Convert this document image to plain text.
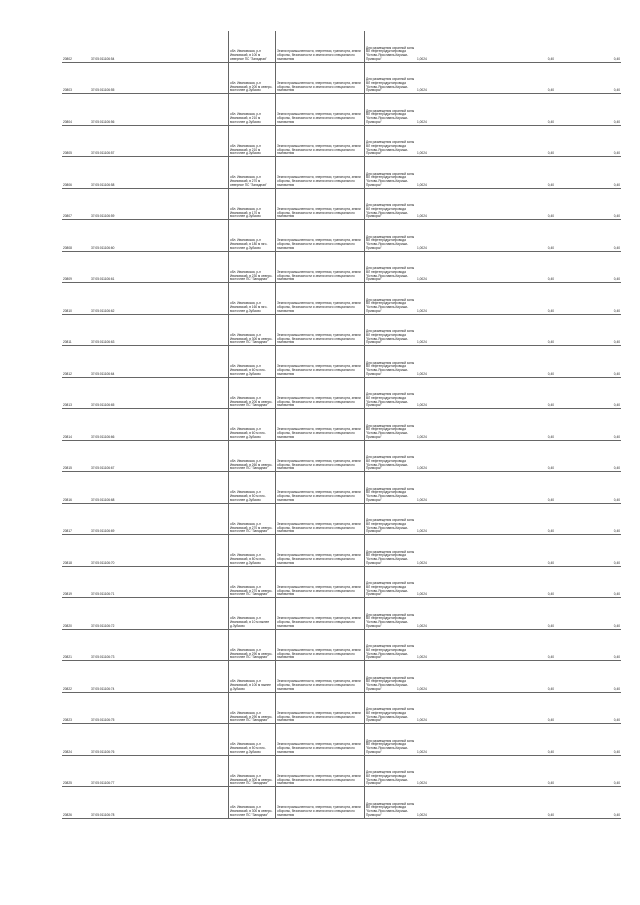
20802	37:05:011106:54	обл. Ивановская, р-н Ивановский, в 100 м северное ПС "Западная"	Земли промышленности, энергетики, транспорта, земли обороны, безопасности и земли иного специального назначения	Для размещения охранной зоны ВЛ нефтепродуктопровода "Кстово-Ярославль-Кириши-Приморск"	1,0024	0,40	0,40
20803	37:05:011106:55	обл. Ивановская, р-н Ивановский, в 200 м северо-восточнее д.Зубково	Земли промышленности, энергетики, транспорта, земли обороны, безопасности и земли иного специального назначения	Для размещения охранной зоны ВЛ нефтепродуктопровода "Кстово-Ярославль-Кириши-Приморск"	1,0024	0,40	0,40
20804	37:05:011106:56	обл. Ивановская, р-н Ивановский, в 210 м восточнее д.Зубково	Земли промышленности, энергетики, транспорта, земли обороны, безопасности и земли иного специального назначения	Для размещения охранной зоны ВЛ нефтепродуктопровода "Кстово-Ярославль-Кириши-Приморск"	1,0024	0,40	0,40
20805	37:05:011106:57	обл. Ивановская, р-н Ивановский, в 210 м восточнее д.Зубково	Земли промышленности, энергетики, транспорта, земли обороны, безопасности и земли иного специального назначения	Для размещения охранной зоны ВЛ нефтепродуктопровода "Кстово-Ярославль-Кириши-Приморск"	1,0024	0,40	0,40
20806	37:05:011106:58	обл. Ивановская, р-н Ивановский, в 270 м северное ПС "Западная"	Земли промышленности, энергетики, транспорта, земли обороны, безопасности и земли иного специального назначения	Для размещения охранной зоны ВЛ нефтепродуктопровода "Кстово-Ярославль-Кириши-Приморск"	1,0024	0,40	0,40
20807	37:05:011106:59	обл. Ивановская, р-н Ивановский, в 170 м восточнее д.Зубково	Земли промышленности, энергетики, транспорта, земли обороны, безопасности и земли иного специального назначения	Для размещения охранной зоны ВЛ нефтепродуктопровода "Кстово-Ярославль-Кириши-Приморск"	1,0024	0,40	0,40
20808	37:05:011106:60	обл. Ивановская, р-н Ивановский, в 180 м юго-восточнее д.Зубково	Земли промышленности, энергетики, транспорта, земли обороны, безопасности и земли иного специального назначения	Для размещения охранной зоны ВЛ нефтепродуктопровода "Кстово-Ярославль-Кириши-Приморск"	1,0024	0,40	0,40
20809	37:05:011106:61	обл. Ивановская, р-н Ивановский, в 230 м северо-восточнее ПС "Западная"	Земли промышленности, энергетики, транспорта, земли обороны, безопасности и земли иного специального назначения	Для размещения охранной зоны ВЛ нефтепродуктопровода "Кстово-Ярославль-Кириши-Приморск"	1,0024	0,40	0,40
20810	37:05:011106:62	обл. Ивановская, р-н Ивановский, в 160 м юго-восточнее д.Зубково	Земли промышленности, энергетики, транспорта, земли обороны, безопасности и земли иного специального назначения	Для размещения охранной зоны ВЛ нефтепродуктопровода "Кстово-Ярославль-Кириши-Приморск"	1,0024	0,40	0,40
20811	37:05:011106:63	обл. Ивановская, р-н Ивановский, в 300 м северо-восточнее ПС "Западная"	Земли промышленности, энергетики, транспорта, земли обороны, безопасности и земли иного специального назначения	Для размещения охранной зоны ВЛ нефтепродуктопровода "Кстово-Ярославль-Кириши-Приморск"	1,0024	0,40	0,40
20812	37:05:011106:64	обл. Ивановская, р-н Ивановский, в 60 м юго-восточнее д.Зубково	Земли промышленности, энергетики, транспорта, земли обороны, безопасности и земли иного специального назначения	Для размещения охранной зоны ВЛ нефтепродуктопровода "Кстово-Ярославль-Кириши-Приморск"	1,0024	0,40	0,40
20813	37:05:011106:65	обл. Ивановская, р-н Ивановский, в 200 м северо-восточнее ПС "Западная"	Земли промышленности, энергетики, транспорта, земли обороны, безопасности и земли иного специального назначения	Для размещения охранной зоны ВЛ нефтепродуктопровода "Кстово-Ярославль-Кириши-Приморск"	1,0024	0,40	0,40
20814	37:05:011106:66	обл. Ивановская, р-н Ивановский, в 60 м юго-восточнее д.Зубково	Земли промышленности, энергетики, транспорта, земли обороны, безопасности и земли иного специального назначения	Для размещения охранной зоны ВЛ нефтепродуктопровода "Кстово-Ярославль-Кириши-Приморск"	1,0024	0,40	0,40
20815	37:05:011106:67	обл. Ивановская, р-н Ивановский, в 260 м северо-восточнее ПС "Западная"	Земли промышленности, энергетики, транспорта, земли обороны, безопасности и земли иного специального назначения	Для размещения охранной зоны ВЛ нефтепродуктопровода "Кстово-Ярославль-Кириши-Приморск"	1,0024	0,40	0,40
20816	37:05:011106:68	обл. Ивановская, р-н Ивановский, в 50 м юго-восточнее д.Зубково	Земли промышленности, энергетики, транспорта, земли обороны, безопасности и земли иного специального назначения	Для размещения охранной зоны ВЛ нефтепродуктопровода "Кстово-Ярославль-Кириши-Приморск"	1,0024	0,40	0,40
20817	37:05:011106:69	обл. Ивановская, р-н Ивановский, в 270 м северо-восточнее ПС "Западная"	Земли промышленности, энергетики, транспорта, земли обороны, безопасности и земли иного специального назначения	Для размещения охранной зоны ВЛ нефтепродуктопровода "Кстово-Ярославль-Кириши-Приморск"	1,0024	0,40	0,40
20818	37:05:011106:70	обл. Ивановская, р-н Ивановский, в 80 м юго-восточнее д.Зубково	Земли промышленности, энергетики, транспорта, земли обороны, безопасности и земли иного специального назначения	Для размещения охранной зоны ВЛ нефтепродуктопровода "Кстово-Ярославль-Кириши-Приморск"	1,0024	0,40	0,40
20819	37:05:011106:71	обл. Ивановская, р-н Ивановский, в 270 м северо-восточнее ПС "Западная"	Земли промышленности, энергетики, транспорта, земли обороны, безопасности и земли иного специального назначения	Для размещения охранной зоны ВЛ нефтепродуктопровода "Кстово-Ярославль-Кириши-Приморск"	1,0024	0,40	0,40
20820	37:05:011106:72	обл. Ивановская, р-н Ивановский, в 10 м южнее д.Зубково	Земли промышленности, энергетики, транспорта, земли обороны, безопасности и земли иного специального назначения	Для размещения охранной зоны ВЛ нефтепродуктопровода "Кстово-Ярославль-Кириши-Приморск"	1,0024	0,40	0,40
20821	37:05:011106:73	обл. Ивановская, р-н Ивановский, в 290 м северо-восточнее ПС "Западная"	Земли промышленности, энергетики, транспорта, земли обороны, безопасности и земли иного специального назначения	Для размещения охранной зоны ВЛ нефтепродуктопровода "Кстово-Ярославль-Кириши-Приморск"	1,0024	0,40	0,40
20822	37:05:011106:74	обл. Ивановская, р-н Ивановский, в 100 м южнее д.Зубково	Земли промышленности, энергетики, транспорта, земли обороны, безопасности и земли иного специального назначения	Для размещения охранной зоны ВЛ нефтепродуктопровода "Кстово-Ярославль-Кириши-Приморск"	1,0024	0,40	0,40
20823	37:05:011106:75	обл. Ивановская, р-н Ивановский, в 290 м северо-восточнее ПС "Западная"	Земли промышленности, энергетики, транспорта, земли обороны, безопасности и земли иного специального назначения	Для размещения охранной зоны ВЛ нефтепродуктопровода "Кстово-Ярославль-Кириши-Приморск"	1,0024	0,40	0,40
20824	37:05:011106:76	обл. Ивановская, р-н Ивановский, в 50 м юго-восточнее д.Зубково	Земли промышленности, энергетики, транспорта, земли обороны, безопасности и земли иного специального назначения	Для размещения охранной зоны ВЛ нефтепродуктопровода "Кстово-Ярославль-Кириши-Приморск"	1,0024	0,40	0,40
20825	37:05:011106:77	обл. Ивановская, р-н Ивановский, в 300 м северо-восточнее ПС "Западная"	Земли промышленности, энергетики, транспорта, земли обороны, безопасности и земли иного специального назначения	Для размещения охранной зоны ВЛ нефтепродуктопровода "Кстово-Ярославль-Кириши-Приморск"	1,0024	0,40	0,40
20826	37:05:011106:78	обл. Ивановская, р-н Ивановский, в 300 м северо-восточнее ПС "Западная"	Земли промышленности, энергетики, транспорта, земли обороны, безопасности и земли иного специального назначения	Для размещения охранной зоны ВЛ нефтепродуктопровода "Кстово-Ярославль-Кириши-Приморск"	1,0024	0,40	0,40
